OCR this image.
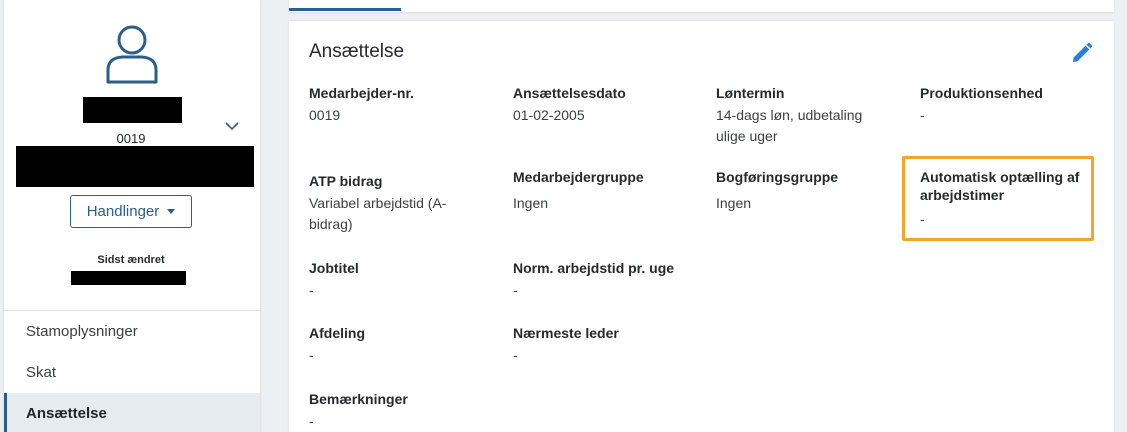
0019
Handlinger
Sidst ændret
Stamoplysninger
Skat
Ansættelse
Ansættelse
Medarbejder-nr.
0019
Ansættelsesdato
01-02-2005
Løntermin
14-dags løn, udbetaling ulige uger
Produktionsenhed
-
ATP bidrag
Variabel arbejdstid (A-bidrag)
Medarbejdergruppe
Ingen
Bogføringsgruppe
Ingen
Automatisk optælling af arbejdstimer
-
Jobtitel
-
Norm. arbejdstid pr. uge
-
Afdeling
-
Nærmeste leder
-
Bemærkninger
-
